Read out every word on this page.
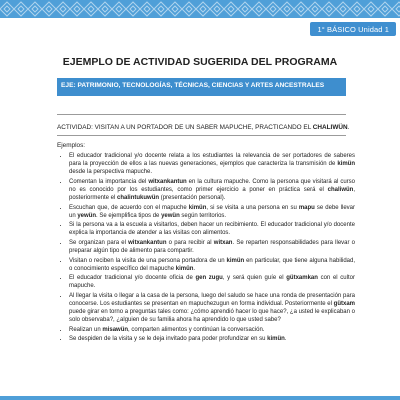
1° BÁSICO Unidad 1
EJEMPLO DE ACTIVIDAD SUGERIDA DEL PROGRAMA
EJE: PATRIMONIO, TECNOLOGÍAS, TÉCNICAS, CIENCIAS Y ARTES ANCESTRALES
ACTIVIDAD: VISITAN A UN PORTADOR DE UN SABER MAPUCHE, PRACTICANDO EL CHALIWÜN.
Ejemplos:
• El educador tradicional y/o docente relata a los estudiantes la relevancia de ser portadores de saberes para la proyección de ellos a las nuevas generaciones, ejemplos que caracteriza la transmisión de kimün desde la perspectiva mapuche.
• Comentan la importancia del witxankantun en la cultura mapuche. Como la persona que visitará al curso no es conocido por los estudiantes, como primer ejercicio a poner en práctica será el chaliwün, posteriormente el chalintukuwün (presentación personal).
• Escuchan que, de acuerdo con el mapuche kimün, si se visita a una persona en su mapu se debe llevar un yewün. Se ejemplifica tipos de yewün según territorios.
• Si la persona va a la escuela a visitarlos, deben hacer un recibimiento. El educador tradicional y/o docente explica la importancia de atender a las visitas con alimentos.
• Se organizan para el witxankantun o para recibir al witxan. Se reparten responsabilidades para llevar o preparar algún tipo de alimento para compartir.
• Visitan o reciben la visita de una persona portadora de un kimün en particular, que tiene alguna habilidad, o conocimiento específico del mapuche kimün.
• El educador tradicional y/o docente oficia de gen zugu, y será quien guíe el gütxamkan con el cultor mapuche.
• Al llegar la visita o llegar a la casa de la persona, luego del saludo se hace una ronda de presentación para conocerse. Los estudiantes se presentan en mapuchezugun en forma individual. Posteriormente el gütxam puede girar en torno a preguntas tales como: ¿cómo aprendió hacer lo que hace?, ¿a usted le explicaban o solo observaba?, ¿alguien de su familia ahora ha aprendido lo que usted sabe?
• Realizan un misawün, comparten alimentos y continúan la conversación.
• Se despiden de la visita y se le deja invitado para poder profundizar en su kimün.
